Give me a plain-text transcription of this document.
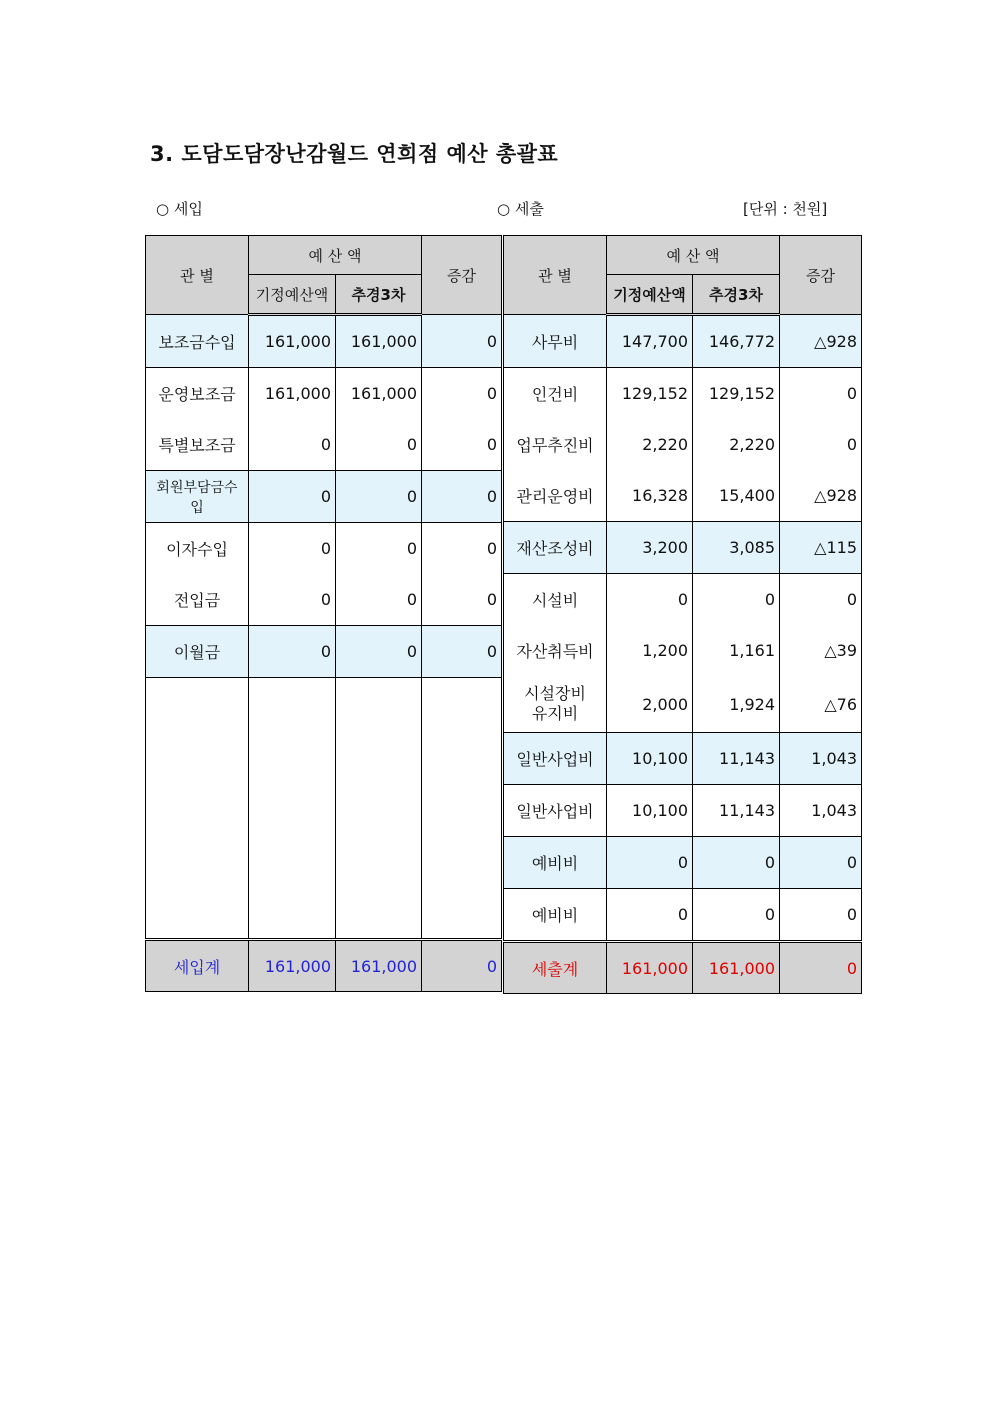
3. 도담도담장난감월드 연희점 예산 총괄표
○ 세입	○ 세출	[단위 : 천원]
관 별	예 산 액		증감
	기정예산액	추경3차	
보조금수입	161,000	161,000	0
운영보조금	161,000	161,000	0
특별보조금	0	0	0
회원부담금수입	0	0	0
이자수입	0	0	0
전입금	0	0	0
이월금	0	0	0

세입계	161,000	161,000	0
관 별	예 산 액		증감
	기정예산액	추경3차	
사무비	147,700	146,772	△928
인건비	129,152	129,152	0
업무추진비	2,220	2,220	0
관리운영비	16,328	15,400	△928
재산조성비	3,200	3,085	△115
시설비	0	0	0
자산취득비	1,200	1,161	△39

시설장비
유지비	2,000	1,924	△76
일반사업비	10,100	11,143	1,043
일반사업비	10,100	11,143	1,043
예비비	0	0	0
예비비	0	0	0
세출계	161,000	161,000	0
